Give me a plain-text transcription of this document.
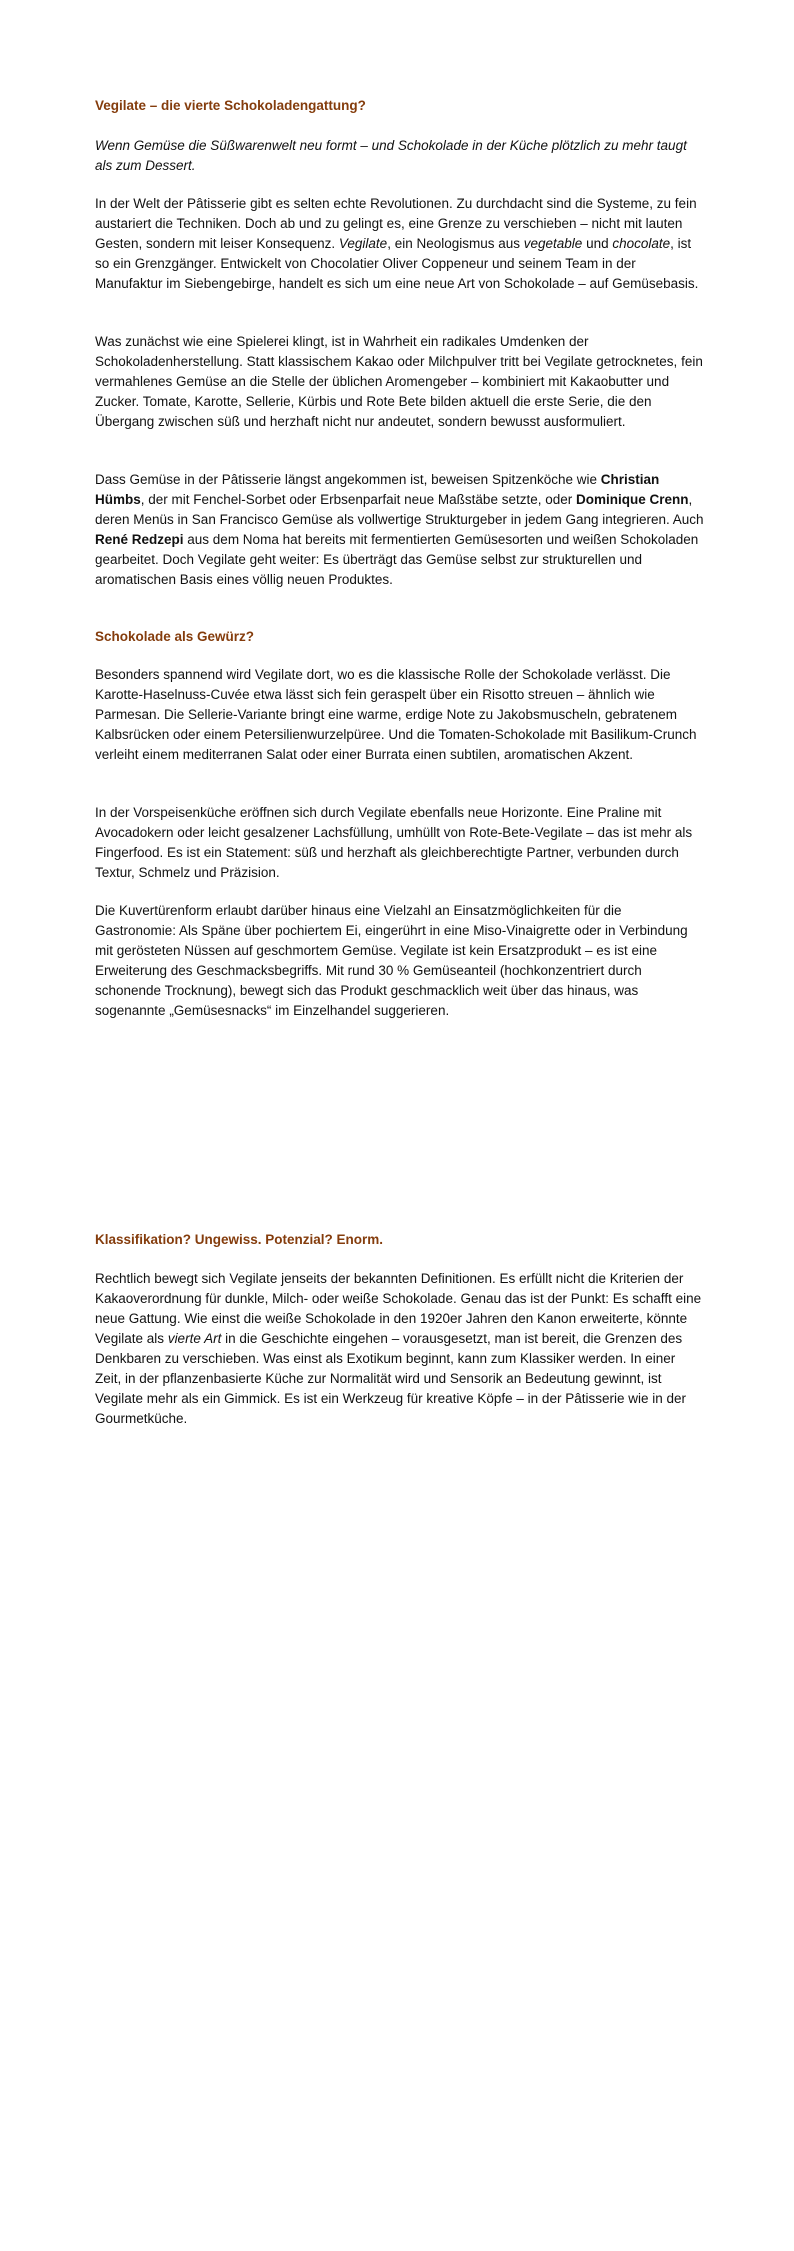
Vegilate – die vierte Schokoladengattung?

Wenn Gemüse die Süßwarenwelt neu formt – und Schokolade in der Küche plötzlich zu mehr taugt als zum Dessert.

In der Welt der Pâtisserie gibt es selten echte Revolutionen. Zu durchdacht sind die Systeme, zu fein austariert die Techniken. Doch ab und zu gelingt es, eine Grenze zu verschieben – nicht mit lauten Gesten, sondern mit leiser Konsequenz. Vegilate, ein Neologismus aus vegetable und chocolate, ist so ein Grenzgänger. Entwickelt von Chocolatier Oliver Coppeneur und seinem Team in der Manufaktur im Siebengebirge, handelt es sich um eine neue Art von Schokolade – auf Gemüsebasis.

Was zunächst wie eine Spielerei klingt, ist in Wahrheit ein radikales Umdenken der Schokoladenherstellung. Statt klassischem Kakao oder Milchpulver tritt bei Vegilate getrocknetes, fein vermahlenes Gemüse an die Stelle der üblichen Aromengeber – kombiniert mit Kakaobutter und Zucker. Tomate, Karotte, Sellerie, Kürbis und Rote Bete bilden aktuell die erste Serie, die den Übergang zwischen süß und herzhaft nicht nur andeutet, sondern bewusst ausformuliert.

Dass Gemüse in der Pâtisserie längst angekommen ist, beweisen Spitzenköche wie Christian Hümbs, der mit Fenchel-Sorbet oder Erbsenparfait neue Maßstäbe setzte, oder Dominique Crenn, deren Menüs in San Francisco Gemüse als vollwertige Strukturgeber in jedem Gang integrieren. Auch René Redzepi aus dem Noma hat bereits mit fermentierten Gemüsesorten und weißen Schokoladen gearbeitet. Doch Vegilate geht weiter: Es überträgt das Gemüse selbst zur strukturellen und aromatischen Basis eines völlig neuen Produktes.

Schokolade als Gewürz?

Besonders spannend wird Vegilate dort, wo es die klassische Rolle der Schokolade verlässt. Die Karotte-Haselnuss-Cuvée etwa lässt sich fein geraspelt über ein Risotto streuen – ähnlich wie Parmesan. Die Sellerie-Variante bringt eine warme, erdige Note zu Jakobsmuscheln, gebratenem Kalbsrücken oder einem Petersilienwurzelpüree. Und die Tomaten-Schokolade mit Basilikum-Crunch verleiht einem mediterranen Salat oder einer Burrata einen subtilen, aromatischen Akzent.

In der Vorspeisenküche eröffnen sich durch Vegilate ebenfalls neue Horizonte. Eine Praline mit Avocadokern oder leicht gesalzener Lachsfüllung, umhüllt von Rote-Bete-Vegilate – das ist mehr als Fingerfood. Es ist ein Statement: süß und herzhaft als gleichberechtigte Partner, verbunden durch Textur, Schmelz und Präzision.

Die Kuvertürenform erlaubt darüber hinaus eine Vielzahl an Einsatzmöglichkeiten für die Gastronomie: Als Späne über pochiertem Ei, eingerührt in eine Miso-Vinaigrette oder in Verbindung mit gerösteten Nüssen auf geschmortem Gemüse. Vegilate ist kein Ersatzprodukt – es ist eine Erweiterung des Geschmacksbegriffs. Mit rund 30 % Gemüseanteil (hochkonzentriert durch schonende Trocknung), bewegt sich das Produkt geschmacklich weit über das hinaus, was sogenannte „Gemüsesnacks“ im Einzelhandel suggerieren.

Klassifikation? Ungewiss. Potenzial? Enorm.

Rechtlich bewegt sich Vegilate jenseits der bekannten Definitionen. Es erfüllt nicht die Kriterien der Kakaoverordnung für dunkle, Milch- oder weiße Schokolade. Genau das ist der Punkt: Es schafft eine neue Gattung. Wie einst die weiße Schokolade in den 1920er Jahren den Kanon erweiterte, könnte Vegilate als vierte Art in die Geschichte eingehen – vorausgesetzt, man ist bereit, die Grenzen des Denkbaren zu verschieben. Was einst als Exotikum beginnt, kann zum Klassiker werden. In einer Zeit, in der pflanzenbasierte Küche zur Normalität wird und Sensorik an Bedeutung gewinnt, ist Vegilate mehr als ein Gimmick. Es ist ein Werkzeug für kreative Köpfe – in der Pâtisserie wie in der Gourmetküche.
